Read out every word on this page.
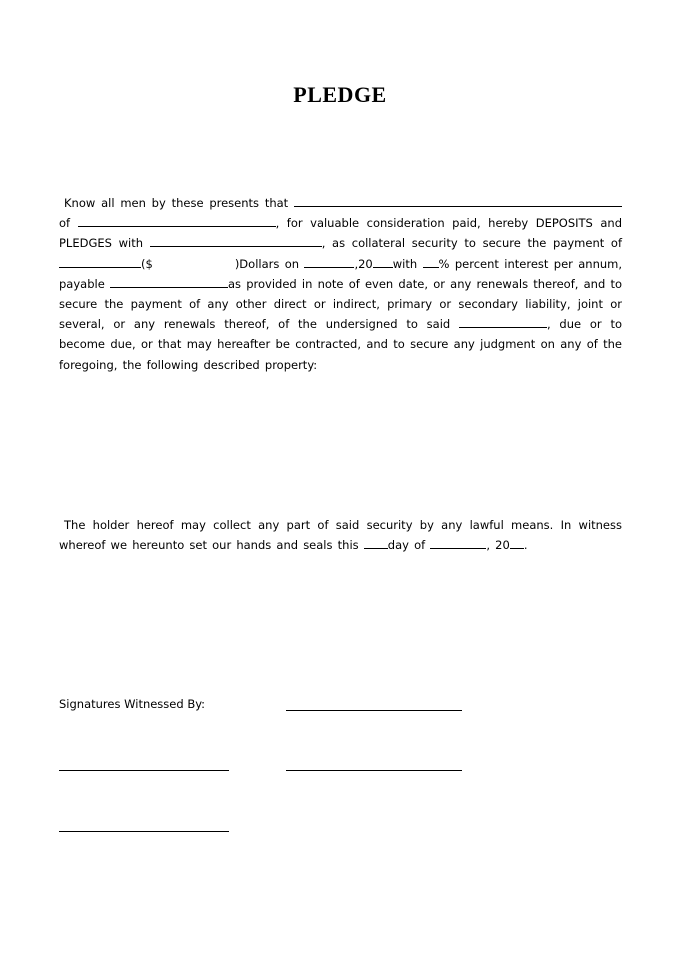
PLEDGE
Know all men by these presents that  of	, for valuable consideration paid, hereby DEPOSITS and PLEDGES with	, as collateral security to secure the payment of ($	)Dollars on	,20 with % percent interest per annum, payable	as provided in note of even date, or any renewals thereof, and to secure the payment of any other direct or indirect, primary or secondary liability, joint or several, or any renewals thereof, of the undersigned to said	, due or to become due, or that may hereafter be contracted, and to secure any judgment on any of the foregoing, the following described property:
The holder hereof may collect any part of said security by any lawful means. In witness whereof we hereunto set our hands and seals this	day of	, 20 .
Signatures Witnessed By:
